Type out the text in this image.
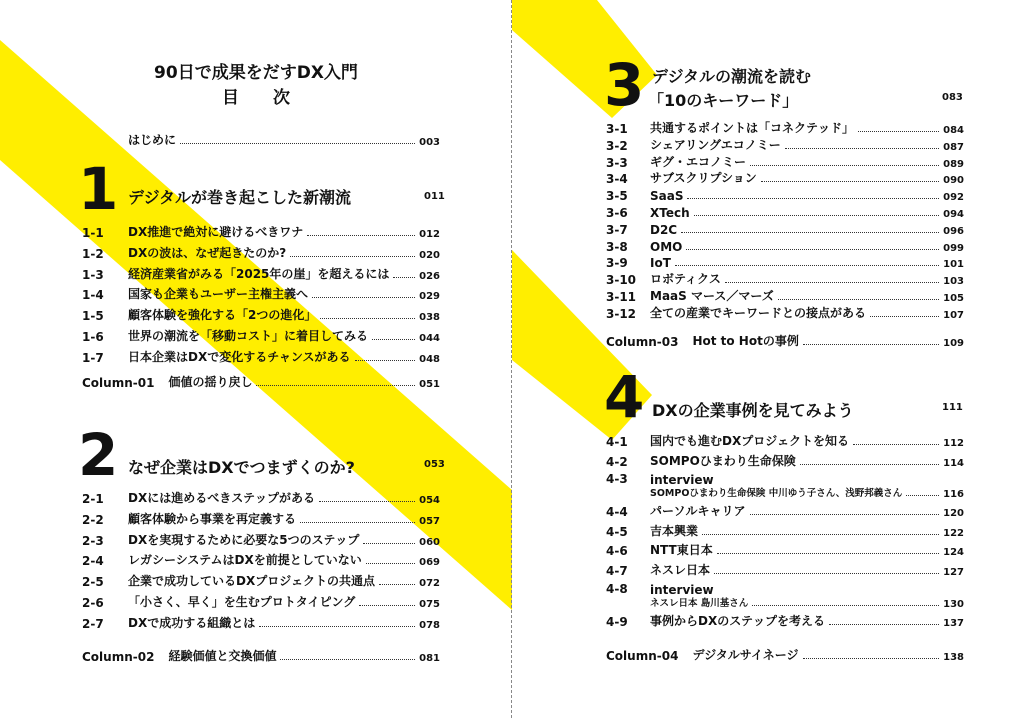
90日で成果をだすDX入門
目 次
はじめに	003
1 デジタルが巻き起こした新潮流	011
1-1 DX推進で絶対に避けるべきワナ	012
1-2 DXの波は、なぜ起きたのか?	020
1-3 経済産業省がみる「2025年の崖」を超えるには	026
1-4 国家も企業もユーザー主権主義へ	029
1-5 顧客体験を強化する「2つの進化」	038
1-6 世界の潮流を「移動コスト」に着目してみる	044
1-7 日本企業はDXで変化するチャンスがある	048
Column-01 価値の揺り戻し	051
2 なぜ企業はDXでつまずくのか?	053
2-1 DXには進めるべきステップがある	054
2-2 顧客体験から事業を再定義する	057
2-3 DXを実現するために必要な5つのステップ	060
2-4 レガシーシステムはDXを前提としていない	069
2-5 企業で成功しているDXプロジェクトの共通点	072
2-6 「小さく、早く」を生むプロトタイピング	075
2-7 DXで成功する組織とは	078
Column-02 経験価値と交換価値	081
3 デジタルの潮流を読む
「10のキーワード」	083
3-1 共通するポイントは「コネクテッド」	084
3-2 シェアリングエコノミー	087
3-3 ギグ・エコノミー	089
3-4 サブスクリプション	090
3-5 SaaS	092
3-6 XTech	094
3-7 D2C	096
3-8 OMO	099
3-9 IoT	101
3-10 ロボティクス	103
3-11 MaaS マース／マーズ	105
3-12 全ての産業でキーワードとの接点がある	107
Column-03 Hot to Hotの事例	109
4 DXの企業事例を見てみよう	111
4-1 国内でも進むDXプロジェクトを知る	112
4-2 SOMPOひまわり生命保険	114
4-3 interview
SOMPOひまわり生命保険 中川ゆう子さん、浅野邦義さん	116
4-4 パーソルキャリア	120
4-5 吉本興業	122
4-6 NTT東日本	124
4-7 ネスレ日本	127
4-8 interview
ネスレ日本 島川基さん	130
4-9 事例からDXのステップを考える	137
Column-04 デジタルサイネージ	138
